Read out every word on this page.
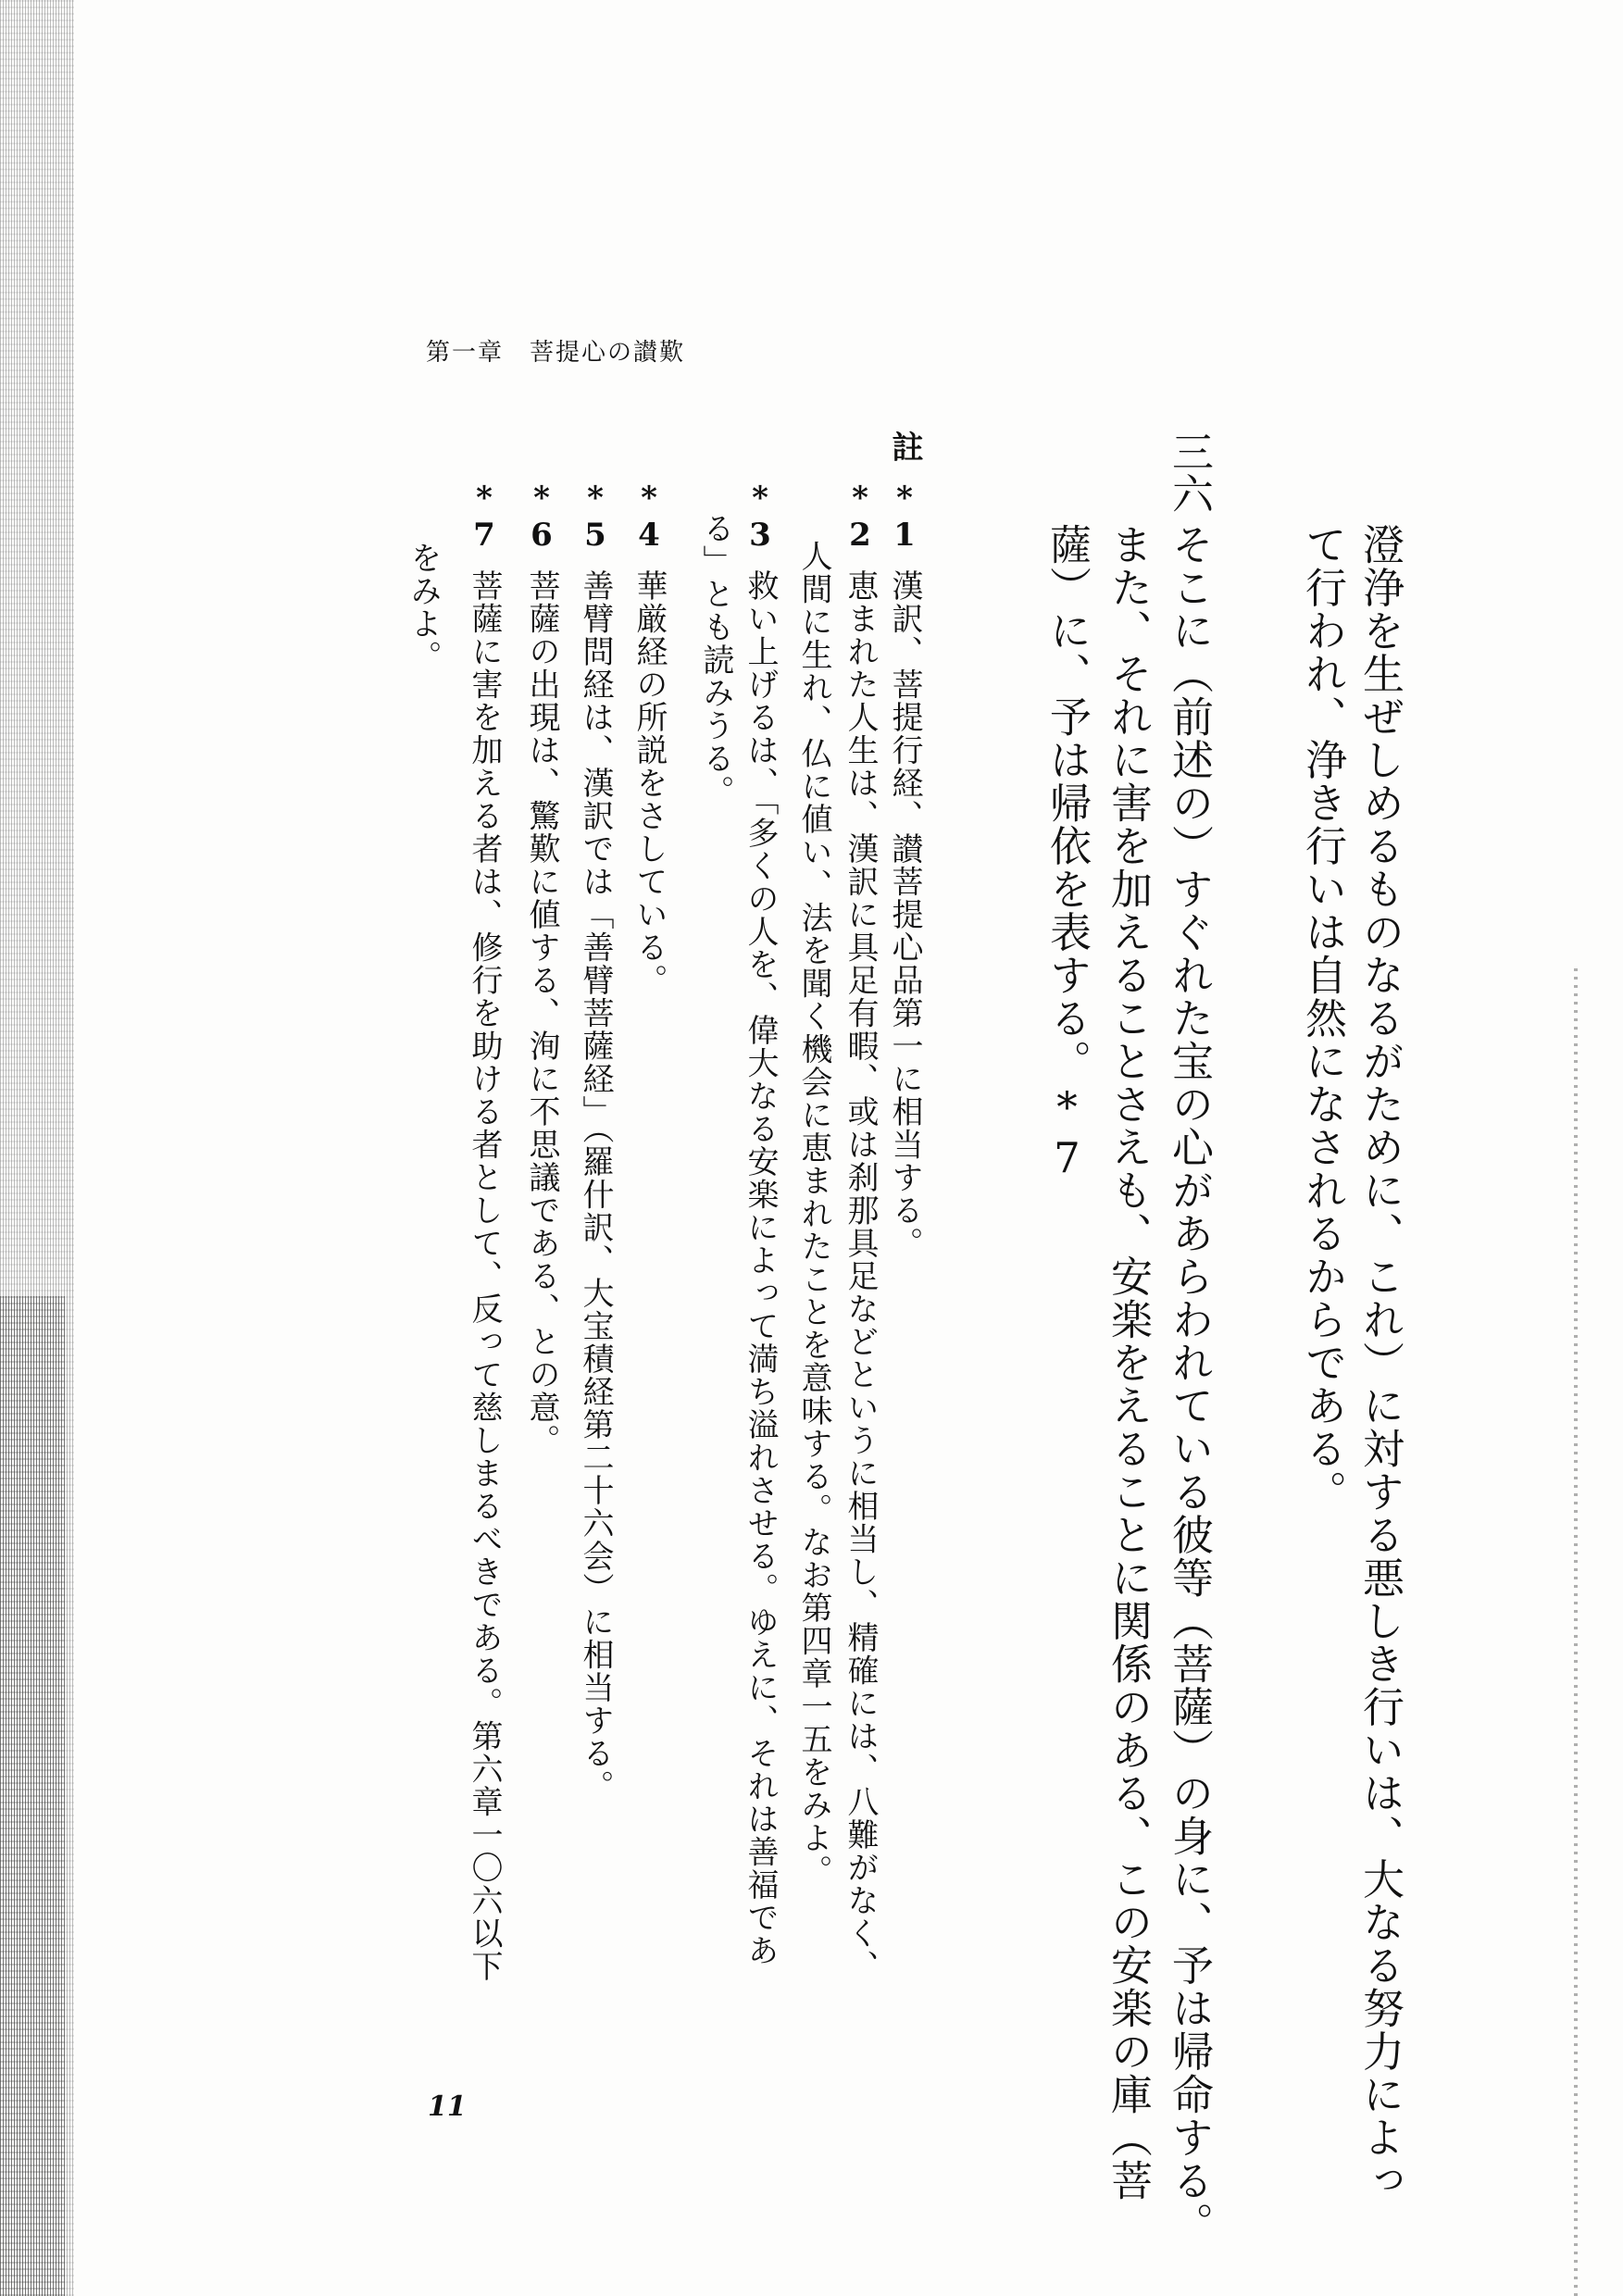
第一章　菩提心の讃歎
澄浄を生ぜしめるものなるがために、これ）に対する悪しき行いは、大なる努力によっ
て行われ、浄き行いは自然になされるからである。
三六
そこに（前述の）すぐれた宝の心があらわれている彼等（菩薩）の身に、予は帰命する。
また、それに害を加えることさえも、安楽をえることに関係のある、この安楽の庫（菩
薩）に、予は帰依を表する。*7
註
*1
漢訳、菩提行経、讃菩提心品第一に相当する。
*2
恵まれた人生は、漢訳に具足有暇、或は刹那具足などというに相当し、精確には、八難がなく、
人間に生れ、仏に値い、法を聞く機会に恵まれたことを意味する。なお第四章一五をみよ。
*3
救い上げるは、「多くの人を、偉大なる安楽によって満ち溢れさせる。ゆえに、それは善福であ
る」とも読みうる。
*4
華厳経の所説をさしている。
*5
善臂問経は、漢訳では「善臂菩薩経」（羅什訳、大宝積経第二十六会）に相当する。
*6
菩薩の出現は、驚歎に値する、洵に不思議である、との意。
*7
菩薩に害を加える者は、修行を助ける者として、反って慈しまるべきである。第六章一〇六以下
をみよ。
11
